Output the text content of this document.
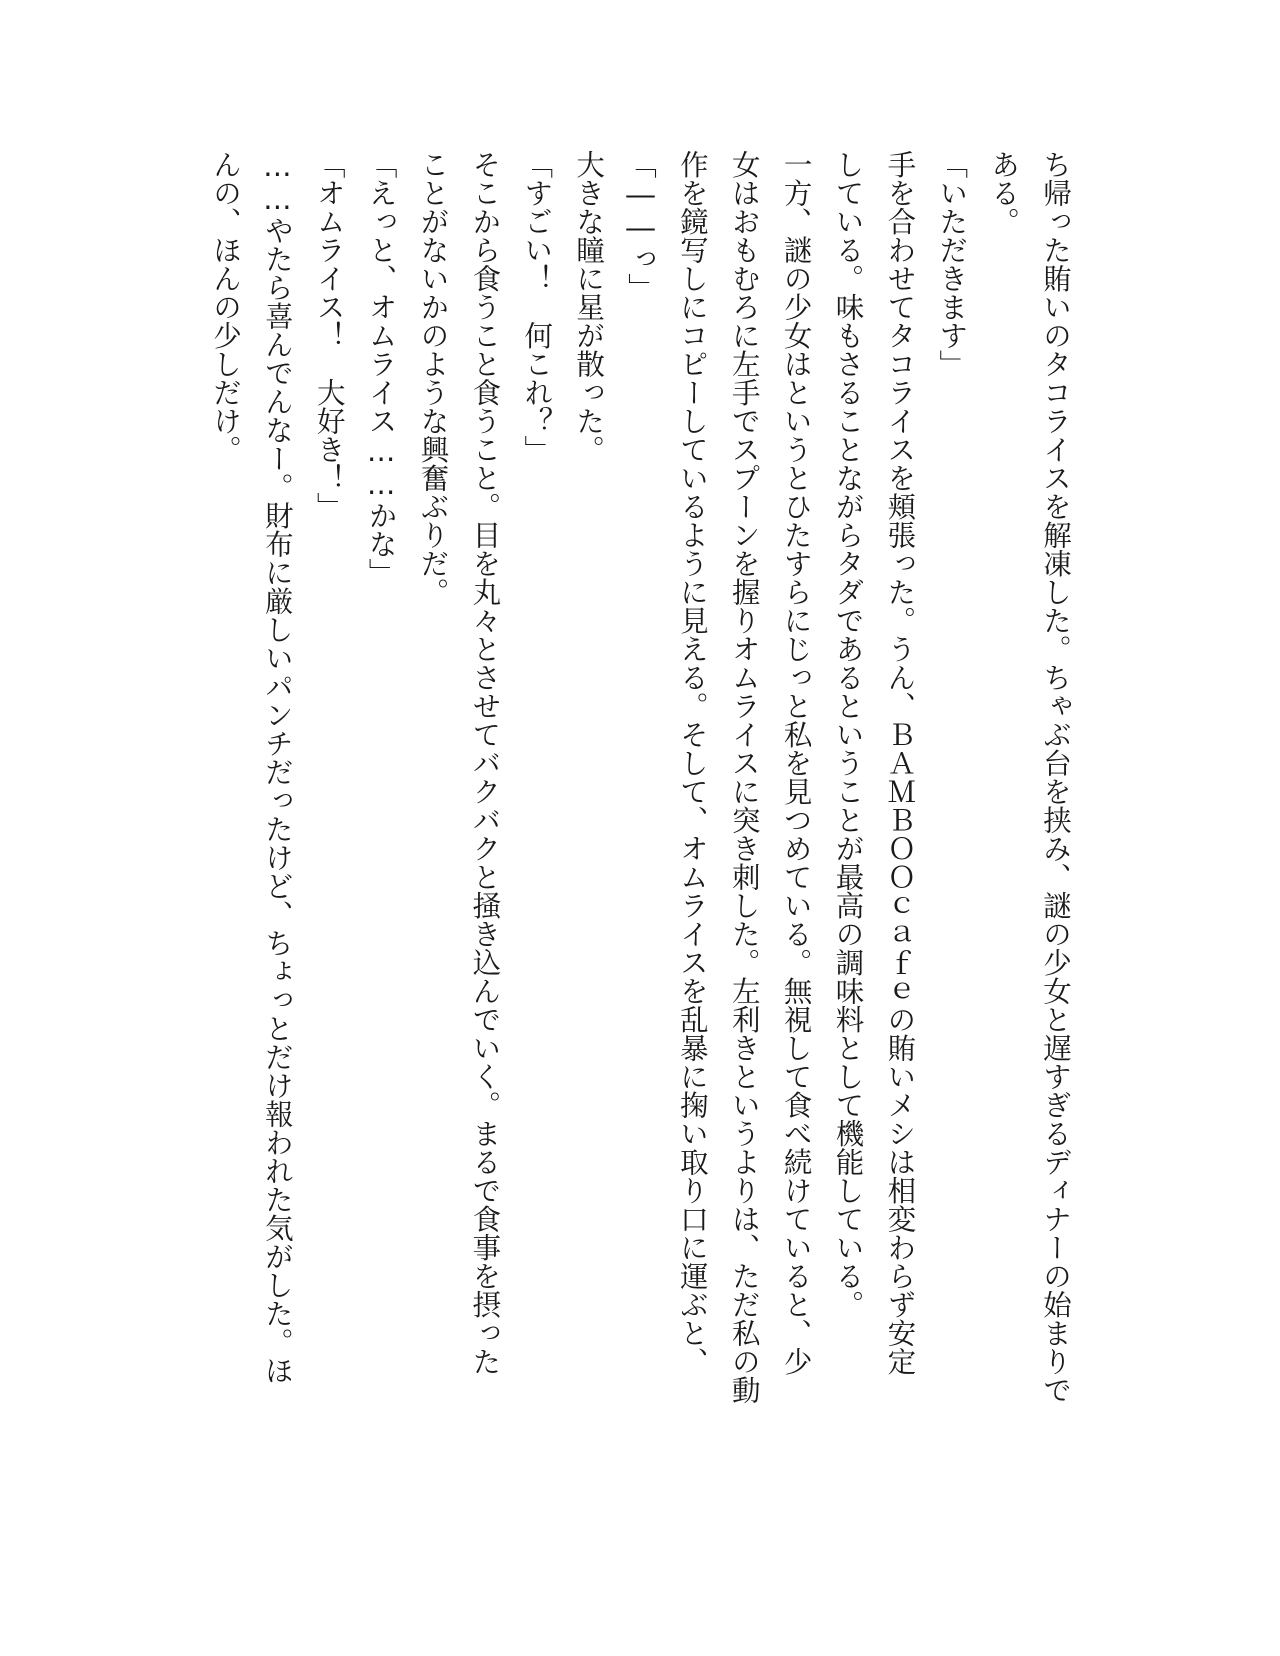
ち帰った賄いのタコライスを解凍した。ちゃぶ台を挟み、謎の少女と遅すぎるディナーの始まりで
ある。
「いただきます」
手を合わせてタコライスを頬張った。うん、ＢＡＭＢＯＯｃａｆｅの賄いメシは相変わらず安定
している。味もさることながらタダであるということが最高の調味料として機能している。
一方、謎の少女はというとひたすらにじっと私を見つめている。無視して食べ続けていると、少
女はおもむろに左手でスプーンを握りオムライスに突き刺した。左利きというよりは、ただ私の動
作を鏡写しにコピーしているように見える。そして、オムライスを乱暴に掬い取り口に運ぶと、
「――っ」
大きな瞳に星が散った。
「すごい！　何これ？」
そこから食うこと食うこと。目を丸々とさせてバクバクと掻き込んでいく。まるで食事を摂った
ことがないかのような興奮ぶりだ。
「えっと、オムライス……かな」
「オムライス！　大好き！」
……やたら喜んでんなー。財布に厳しいパンチだったけど、ちょっとだけ報われた気がした。ほ
んの、ほんの少しだけ。
